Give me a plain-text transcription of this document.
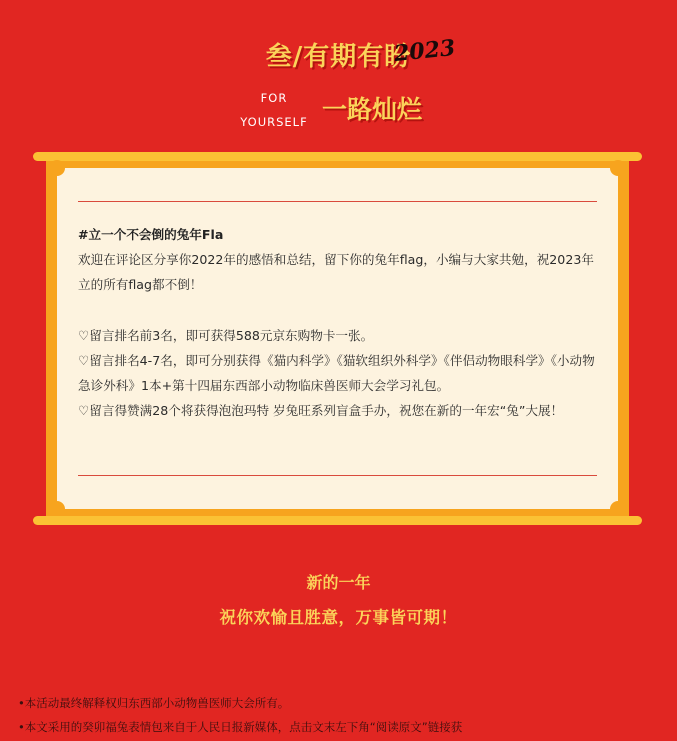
叁/有期有盼
2023
FOR
YOURSELF 一路灿烂

#立一个不会倒的兔年Fla

欢迎在评论区分享你2022年的感悟和总结，留下你的兔年flag，小编与大家共勉，祝2023年立的所有flag都不倒！

♡留言排名前3名，即可获得588元京东购物卡一张。

♡留言排名4-7名，即可分别获得《猫内科学》《猫软组织外科学》《伴侣动物眼科学》《小动物急诊外科》1本+第十四届东西部小动物临床兽医师大会学习礼包。

♡留言得赞满28个将获得泡泡玛特 岁兔旺系列盲盒手办，祝您在新的一年宏“兔”大展！

新的一年
祝你欢愉且胜意，万事皆可期！
•本活动最终解释权归东西部小动物兽医师大会所有。
•本文采用的癸卯福兔表情包来自于人民日报新媒体，点击文末左下角“阅读原文”链接获
